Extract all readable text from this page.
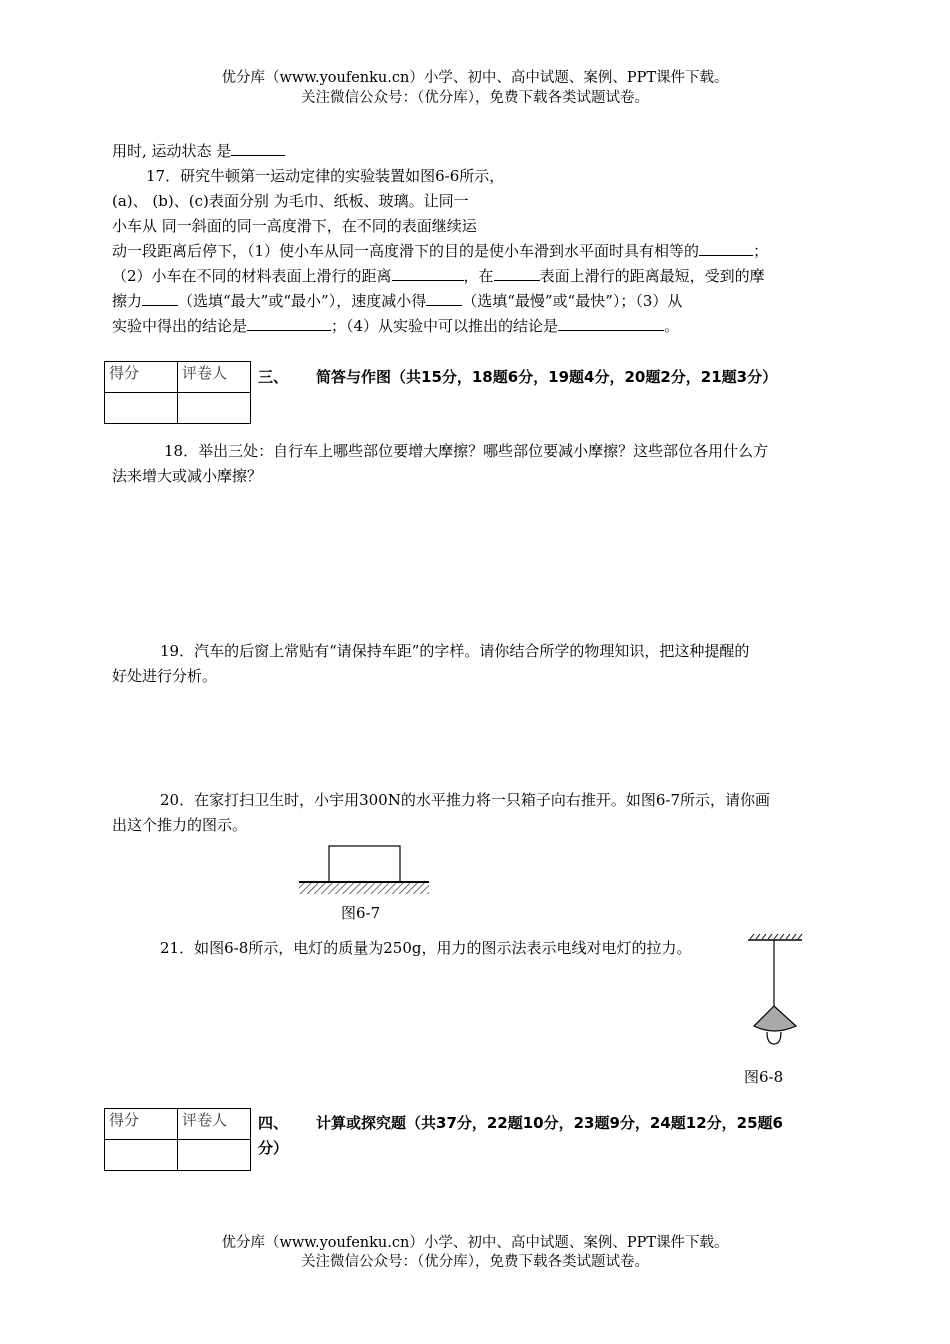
优分库（www.youfenku.cn）小学、初中、高中试题、案例、PPT课件下载。
关注微信公众号：（优分库），免费下载各类试题试卷。
用时, 运动状态 是
17．研究牛顿第一运动定律的实验装置如图6-6所示，
(a)、 (b)、(c)表面分别 为毛巾、纸板、玻璃。让同一
小车从 同一斜面的同一高度滑下，在不同的表面继续运
动一段距离后停下，（1）使小车从同一高度滑下的目的是使小车滑到水平面时具有相等的	；
（2）小车在不同的材料表面上滑行的距离	，在	表面上滑行的距离最短，受到的摩
擦力 （选填“最大”或“最小”），速度减小得 （选填“最慢”或“最快”）；（3）从
实验中得出的结论是	；（4）从实验中可以推出的结论是	。
得分	评卷人
	三、 简答与作图（共15分，18题6分，19题4分，20题2分，21题3分）
18．举出三处：自行车上哪些部位要增大摩擦？哪些部位要减小摩擦？这些部位各用什么方
法来增大或减小摩擦？
19．汽车的后窗上常贴有“请保持车距”的字样。请你结合所学的物理知识，把这种提醒的
好处进行分析。
20．在家打扫卫生时，小宇用300N的水平推力将一只箱子向右推开。如图6-7所示，请你画
出这个推力的图示。
图6-7
21．如图6-8所示，电灯的质量为250g，用力的图示法表示电线对电灯的拉力。
图6-8
得分	评卷人
	四、 计算或探究题（共37分，22题10分，23题9分，24题12分，25题6
分）
优分库（www.youfenku.cn）小学、初中、高中试题、案例、PPT课件下载。
关注微信公众号：（优分库），免费下载各类试题试卷。
